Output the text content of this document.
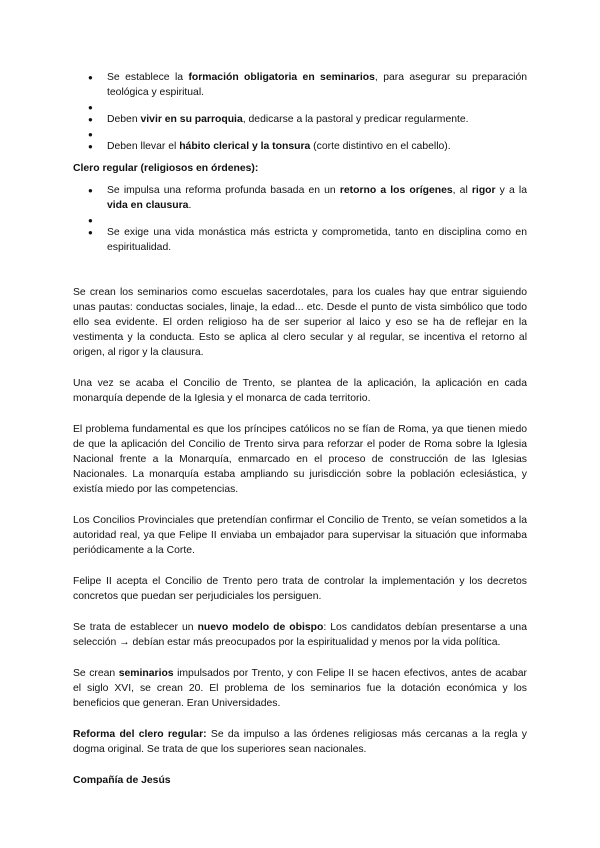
● Se establece la formación obligatoria en seminarios, para asegurar su preparación teológica y espiritual.
●
● Deben vivir en su parroquia, dedicarse a la pastoral y predicar regularmente.
●
● Deben llevar el hábito clerical y la tonsura (corte distintivo en el cabello).

Clero regular (religiosos en órdenes):

● Se impulsa una reforma profunda basada en un retorno a los orígenes, al rigor y a la vida en clausura.
●
● Se exige una vida monástica más estricta y comprometida, tanto en disciplina como en espiritualidad.

Se crean los seminarios como escuelas sacerdotales, para los cuales hay que entrar siguiendo unas pautas: conductas sociales, linaje, la edad... etc. Desde el punto de vista simbólico que todo ello sea evidente. El orden religioso ha de ser superior al laico y eso se ha de reflejar en la vestimenta y la conducta. Esto se aplica al clero secular y al regular, se incentiva el retorno al origen, al rigor y la clausura.

Una vez se acaba el Concilio de Trento, se plantea de la aplicación, la aplicación en cada monarquía depende de la Iglesia y el monarca de cada territorio.

El problema fundamental es que los príncipes católicos no se fían de Roma, ya que tienen miedo de que la aplicación del Concilio de Trento sirva para reforzar el poder de Roma sobre la Iglesia Nacional frente a la Monarquía, enmarcado en el proceso de construcción de las Iglesias Nacionales. La monarquía estaba ampliando su jurisdicción sobre la población eclesiástica, y existía miedo por las competencias.

Los Concilios Provinciales que pretendían confirmar el Concilio de Trento, se veían sometidos a la autoridad real, ya que Felipe II enviaba un embajador para supervisar la situación que informaba periódicamente a la Corte.

Felipe II acepta el Concilio de Trento pero trata de controlar la implementación y los decretos concretos que puedan ser perjudiciales los persiguen.

Se trata de establecer un nuevo modelo de obispo: Los candidatos debían presentarse a una selección → debían estar más preocupados por la espiritualidad y menos por la vida política.

Se crean seminarios impulsados por Trento, y con Felipe II se hacen efectivos, antes de acabar el siglo XVI, se crean 20. El problema de los seminarios fue la dotación económica y los beneficios que generan. Eran Universidades.

Reforma del clero regular: Se da impulso a las órdenes religiosas más cercanas a la regla y dogma original. Se trata de que los superiores sean nacionales.

Compañía de Jesús
